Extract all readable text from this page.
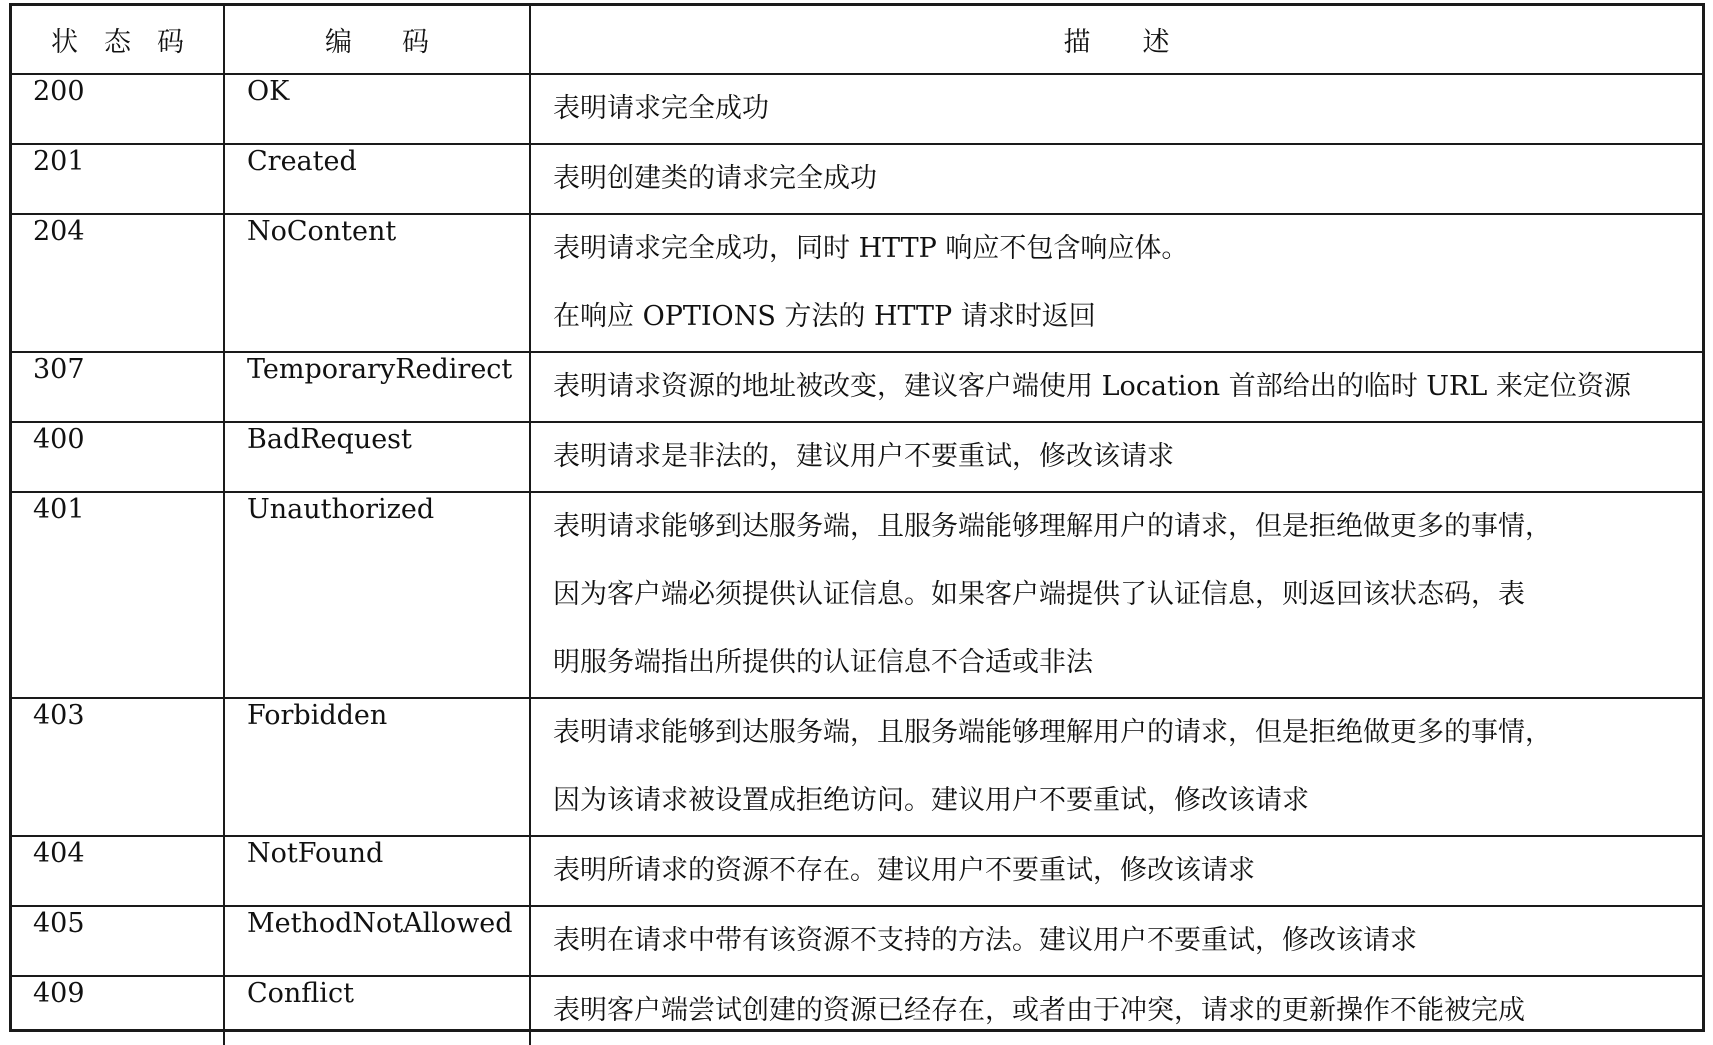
状态码	编码	描述

200	OK	表明请求完全成功

201	Created	表明创建类的请求完全成功

204	NoContent	表明请求完全成功，同时 HTTP 响应不包含响应体。
在响应 OPTIONS 方法的 HTTP 请求时返回

307	TemporaryRedirect	表明请求资源的地址被改变，建议客户端使用 Location 首部给出的临时 URL 来定位资源

400	BadRequest	表明请求是非法的，建议用户不要重试，修改该请求

401	Unauthorized	表明请求能够到达服务端，且服务端能够理解用户的请求，但是拒绝做更多的事情，
因为客户端必须提供认证信息。如果客户端提供了认证信息，则返回该状态码，表
明服务端指出所提供的认证信息不合适或非法

403	Forbidden	表明请求能够到达服务端，且服务端能够理解用户的请求，但是拒绝做更多的事情，
因为该请求被设置成拒绝访问。建议用户不要重试，修改该请求

404	NotFound	表明所请求的资源不存在。建议用户不要重试，修改该请求

405	MethodNotAllowed	表明在请求中带有该资源不支持的方法。建议用户不要重试，修改该请求

409	Conflict	表明客户端尝试创建的资源已经存在，或者由于冲突，请求的更新操作不能被完成
